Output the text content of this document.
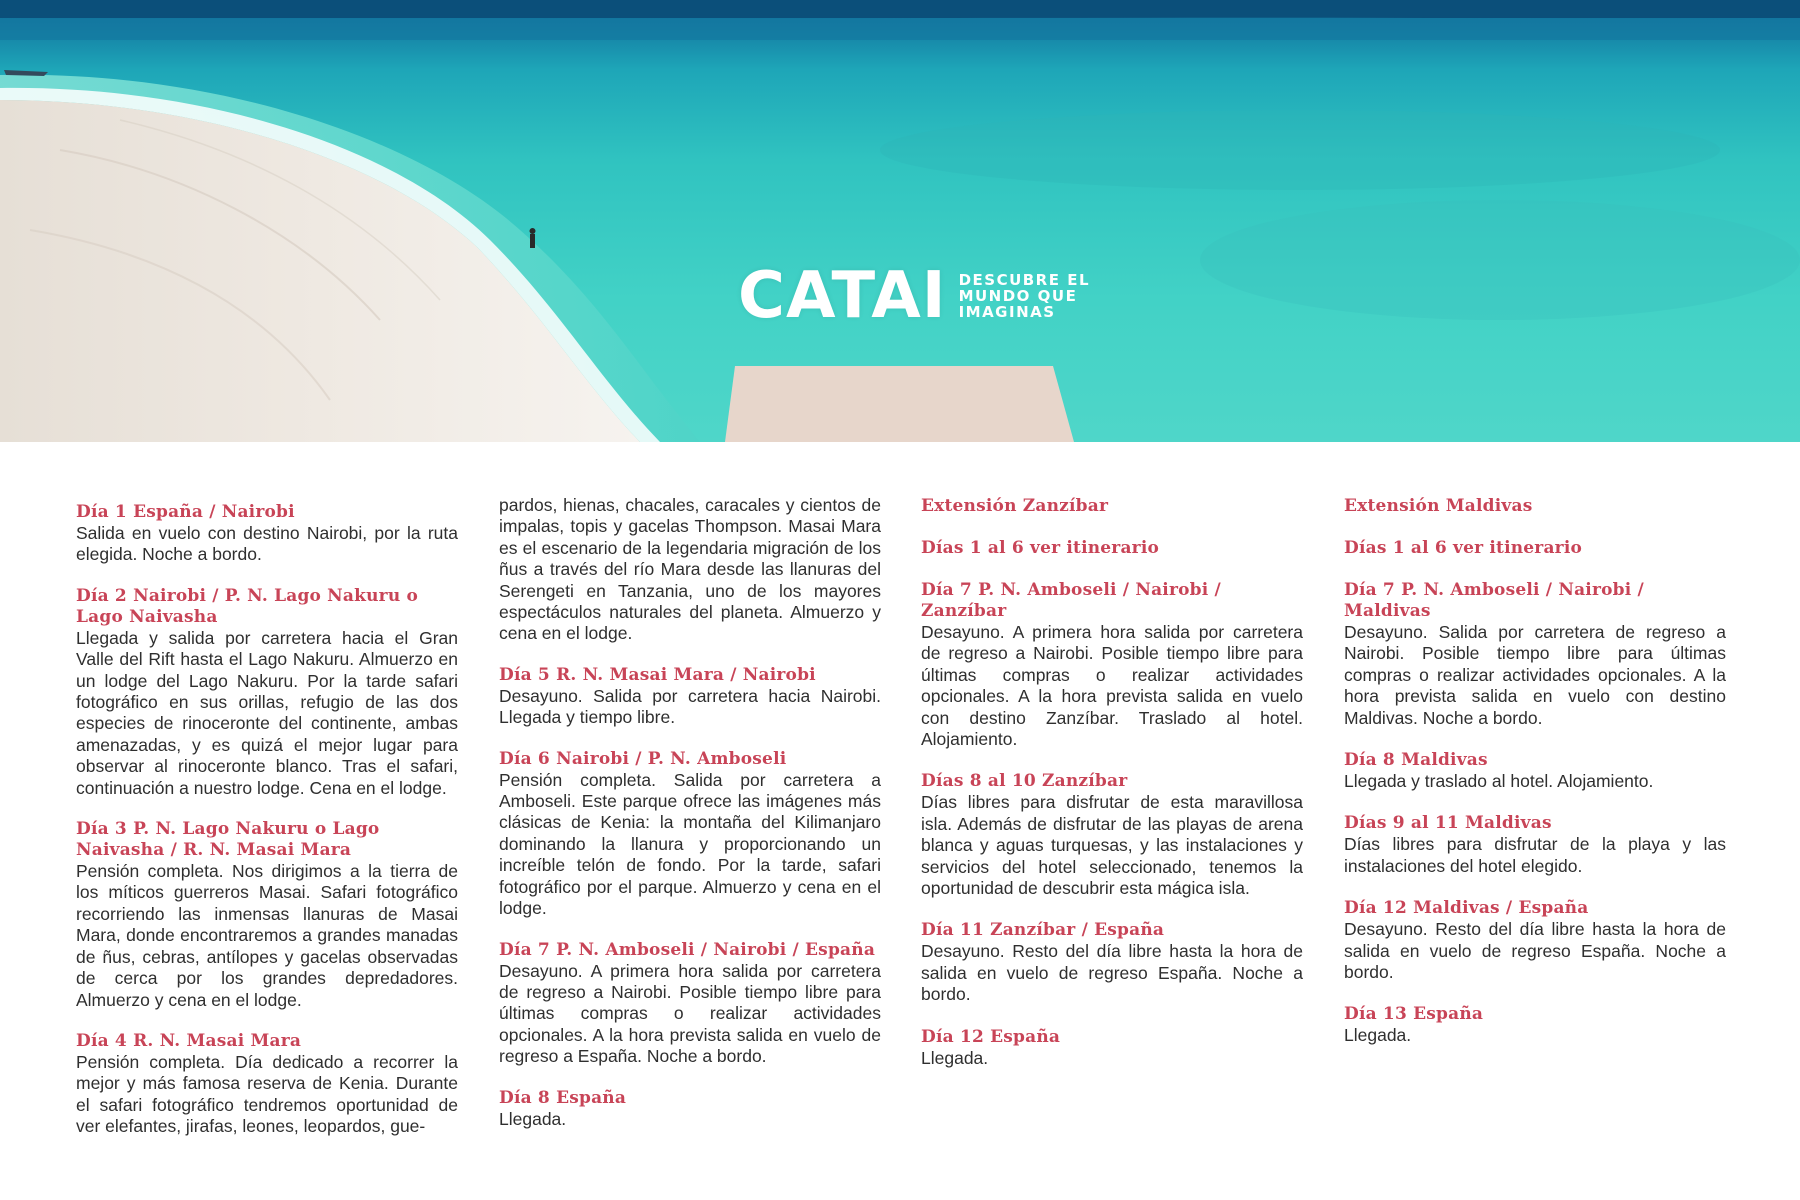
CATAI DESCUBRE EL
MUNDO QUE
IMAGINAS
Día 1 España / Nairobi

Salida en vuelo con destino Nairobi, por la ruta elegida. Noche a bordo.

Día 2 Nairobi / P. N. Lago Nakuru o Lago Naivasha

Llegada y salida por carretera hacia el Gran Valle del Rift hasta el Lago Nakuru. Almuerzo en un lodge del Lago Nakuru. Por la tarde safari fotográfico en sus orillas, refugio de las dos especies de rinoceronte del continente, ambas amenazadas, y es quizá el mejor lugar para observar al rinoceronte blanco. Tras el safari, continuación a nuestro lodge. Cena en el lodge.

Día 3 P. N. Lago Nakuru o Lago Naivasha / R. N. Masai Mara

Pensión completa. Nos dirigimos a la tierra de los míticos guerreros Masai. Safari fotográfico recorriendo las inmensas llanuras de Masai Mara, donde encontraremos a grandes manadas de ñus, cebras, antílopes y gacelas observadas de cerca por los grandes depredadores. Almuerzo y cena en el lodge.

Día 4 R. N. Masai Mara

Pensión completa. Día dedicado a recorrer la mejor y más famosa reserva de Kenia. Durante el safari fotográfico tendremos oportunidad de ver elefantes, jirafas, leones, leopardos, gue-

pardos, hienas, chacales, caracales y cientos de impalas, topis y gacelas Thompson. Masai Mara es el escenario de la legendaria migración de los ñus a través del río Mara desde las llanuras del Serengeti en Tanzania, uno de los mayores espectáculos naturales del planeta. Almuerzo y cena en el lodge.

Día 5 R. N. Masai Mara / Nairobi

Desayuno. Salida por carretera hacia Nairobi. Llegada y tiempo libre.

Día 6 Nairobi / P. N. Amboseli

Pensión completa. Salida por carretera a Amboseli. Este parque ofrece las imágenes más clásicas de Kenia: la montaña del Kilimanjaro dominando la llanura y proporcionando un increíble telón de fondo. Por la tarde, safari fotográfico por el parque. Almuerzo y cena en el lodge.

Día 7 P. N. Amboseli / Nairobi / España

Desayuno. A primera hora salida por carretera de regreso a Nairobi. Posible tiempo libre para últimas compras o realizar actividades opcionales. A la hora prevista salida en vuelo de regreso a España. Noche a bordo.

Día 8 España

Llegada.

Extensión Zanzíbar
Días 1 al 6 ver itinerario
Día 7 P. N. Amboseli / Nairobi / Zanzíbar

Desayuno. A primera hora salida por carretera de regreso a Nairobi. Posible tiempo libre para últimas compras o realizar actividades opcionales. A la hora prevista salida en vuelo con destino Zanzíbar. Traslado al hotel. Alojamiento.

Días 8 al 10 Zanzíbar

Días libres para disfrutar de esta maravillosa isla. Además de disfrutar de las playas de arena blanca y aguas turquesas, y las instalaciones y servicios del hotel seleccionado, tenemos la oportunidad de descubrir esta mágica isla.

Día 11 Zanzíbar / España

Desayuno. Resto del día libre hasta la hora de salida en vuelo de regreso España. Noche a bordo.

Día 12 España

Llegada.

Extensión Maldivas
Días 1 al 6 ver itinerario
Día 7 P. N. Amboseli / Nairobi / Maldivas

Desayuno. Salida por carretera de regreso a Nairobi. Posible tiempo libre para últimas compras o realizar actividades opcionales. A la hora prevista salida en vuelo con destino Maldivas. Noche a bordo.

Día 8 Maldivas

Llegada y traslado al hotel. Alojamiento.

Días 9 al 11 Maldivas

Días libres para disfrutar de la playa y las instalaciones del hotel elegido.

Día 12 Maldivas / España

Desayuno. Resto del día libre hasta la hora de salida en vuelo de regreso España. Noche a bordo.

Día 13 España

Llegada.
